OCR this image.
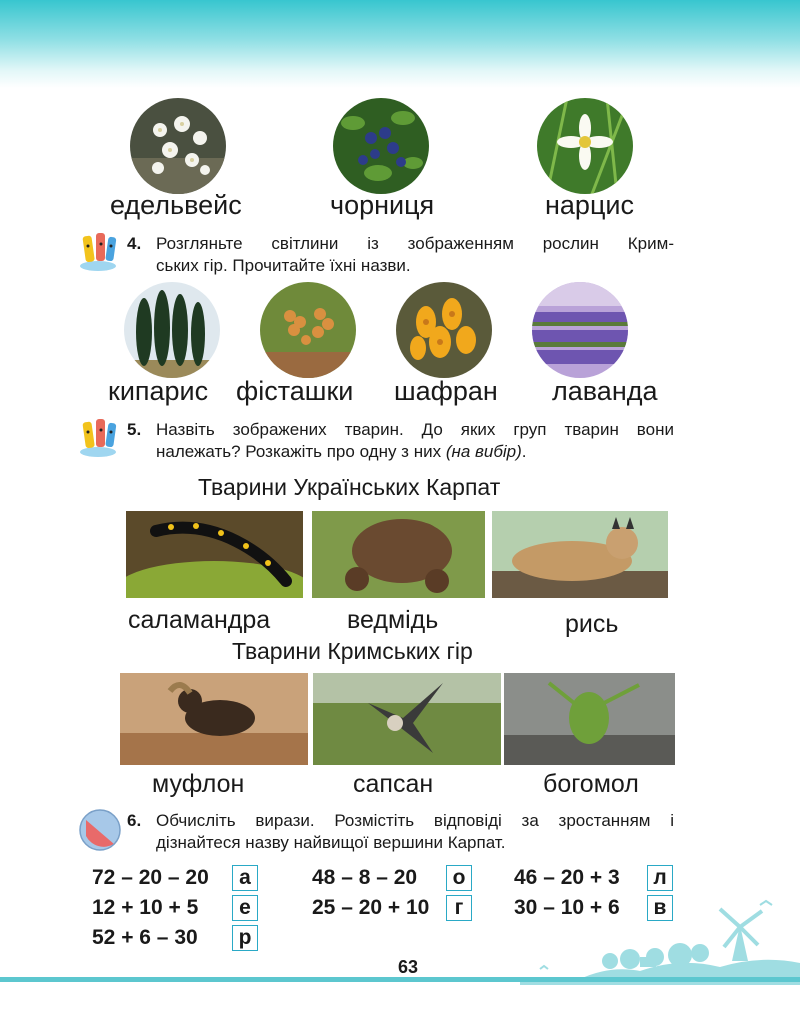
едельвейс	чорниця	нарцис
4. Розгляньте світлини із зображенням рослин Крим-
ських гір. Прочитайте їхні назви.
кипарис фісташки шафран лаванда
5. Назвіть зображених тварин. До яких груп тварин вони
належать? Розкажіть про одну з них (на вибір).
Тварини Українських Карпат
саламандра	ведмідь	рись
Тварини Кримських гір
муфлон	сапсан	богомол
6. Обчисліть вирази. Розмістіть відповіді за зростанням і
дізнайтеся назву найвищої вершини Карпат.
72 – 20 – 20	а	48 – 8 – 20	о	46 – 20 + 3	л
12 + 10 + 5	е	25 – 20 + 10	г	30 – 10 + 6	в
52 + 6 – 30	р
63
